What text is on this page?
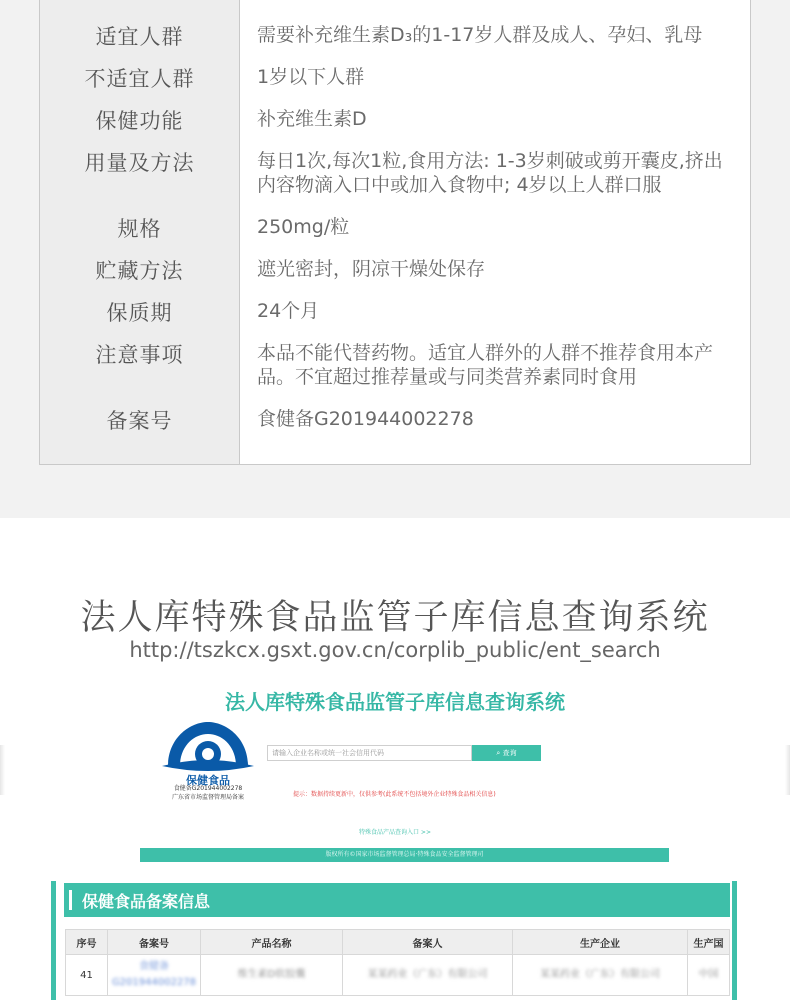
适宜人群	需要补充维生素D₃的1-17岁人群及成人、孕妇、乳母
不适宜人群	1岁以下人群
保健功能	补充维生素D
用量及方法	每日1次,每次1粒,食用方法: 1-3岁刺破或剪开囊皮,挤出内容物滴入口中或加入食物中; 4岁以上人群口服
规格	250mg/粒
贮藏方法	遮光密封，阴凉干燥处保存
保质期	24个月
注意事项	本品不能代替药物。适宜人群外的人群不推荐食用本产品。不宜超过推荐量或与同类营养素同时食用
备案号	食健备G201944002278
法人库特殊食品监管子库信息查询系统
http://tszkcx.gsxt.gov.cn/corplib_public/ent_search
法人库特殊食品监管子库信息查询系统
保健食品
食健备G201944002278
广东省市场监督管理局备案
请输入企业名称或统一社会信用代码	⌕ 查询
提示：数据持续更新中，仅供参考(此系统不包括境外企业特殊食品相关信息)
特殊食品产品查询入口 >>
版权所有©国家市场监督管理总局·特殊食品安全监督管理司
保健食品备案信息
序号	备案号	产品名称	备案人	生产企业	生产国
41	食健备G201944002278	维生素D软胶囊	某某药业（广东）有限公司	某某药业（广东）有限公司	中国
